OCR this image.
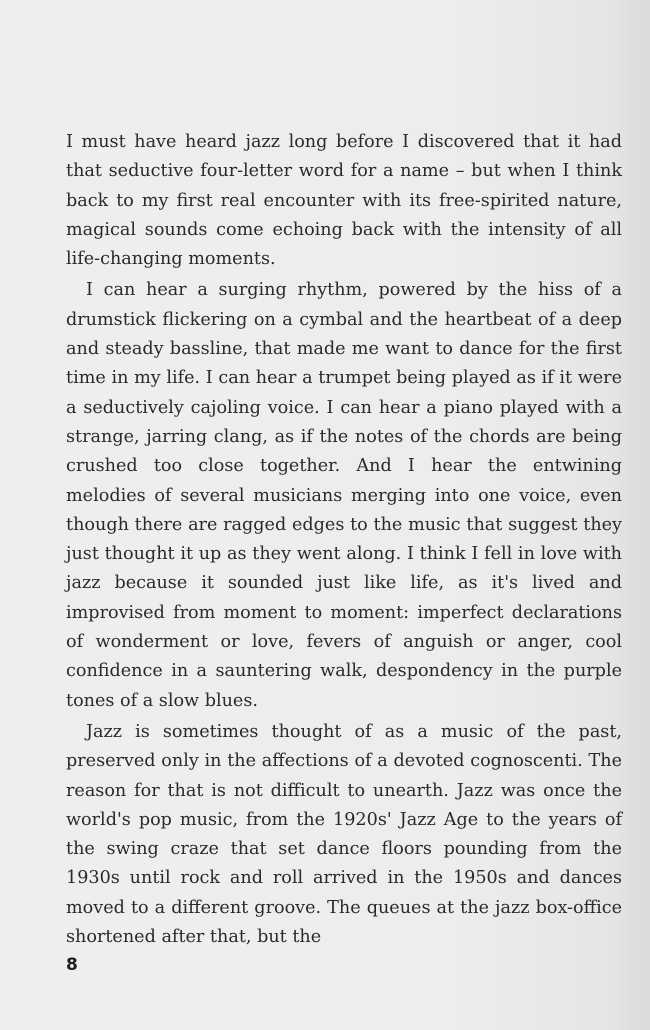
I must have heard jazz long before I discovered that it had that seductive four-letter word for a name – but when I think back to my first real encounter with its free-spirited nature, magical sounds come echoing back with the intensity of all life-changing moments.

I can hear a surging rhythm, powered by the hiss of a drumstick flickering on a cymbal and the heartbeat of a deep and steady bassline, that made me want to dance for the first time in my life. I can hear a trumpet being played as if it were a seductively cajoling voice. I can hear a piano played with a strange, jarring clang, as if the notes of the chords are being crushed too close together. And I hear the entwining melodies of several musicians merging into one voice, even though there are ragged edges to the music that suggest they just thought it up as they went along. I think I fell in love with jazz because it sounded just like life, as it's lived and improvised from moment to moment: imperfect declarations of wonderment or love, fevers of anguish or anger, cool confidence in a sauntering walk, despondency in the purple tones of a slow blues.

Jazz is sometimes thought of as a music of the past, preserved only in the affections of a devoted cognoscenti. The reason for that is not difficult to unearth. Jazz was once the world's pop music, from the 1920s' Jazz Age to the years of the swing craze that set dance floors pounding from the 1930s until rock and roll arrived in the 1950s and dances moved to a different groove. The queues at the jazz box-office shortened after that, but the

8
